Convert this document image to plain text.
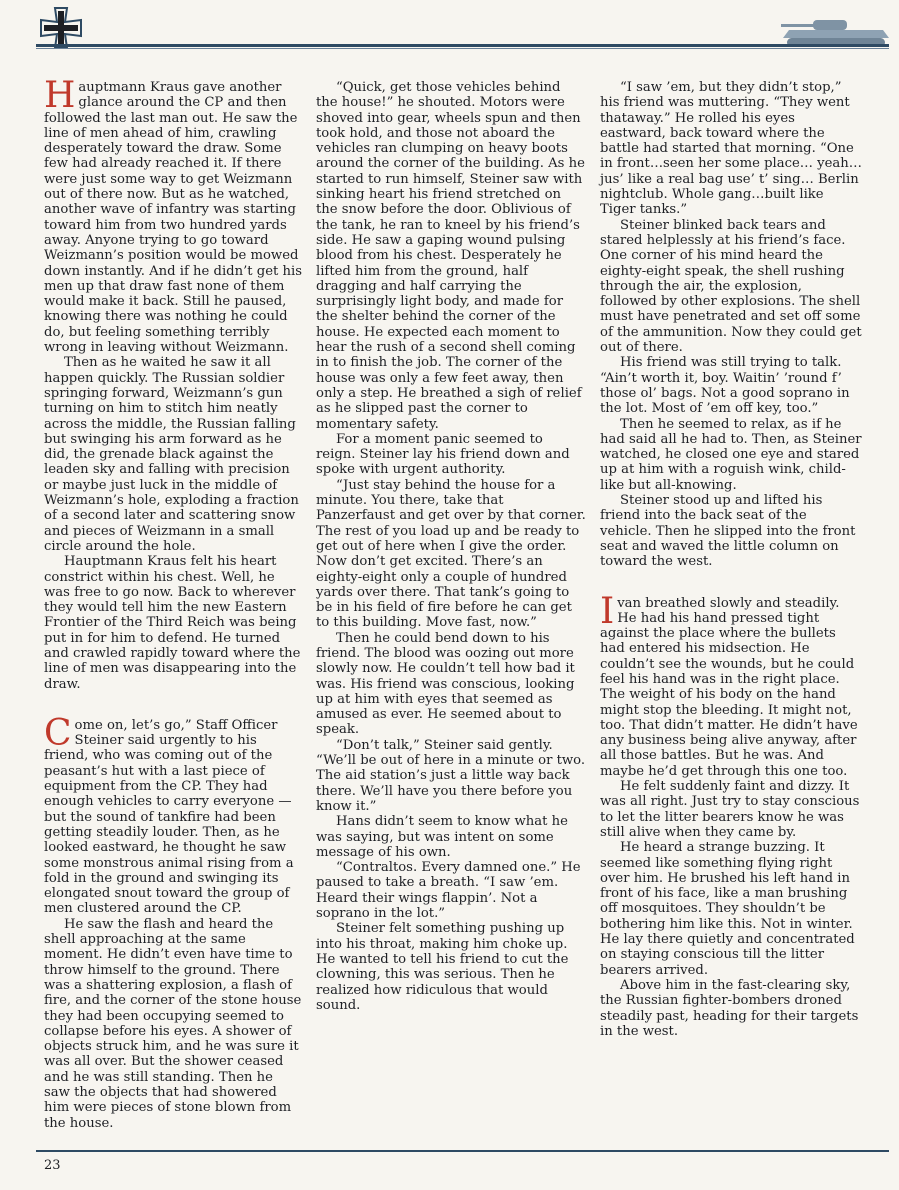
Hauptmann Kraus gave another glance around the CP and then followed the last man out. He saw the line of men ahead of him, crawling desperately toward the draw. Some few had already reached it. If there were just some way to get Weizmann out of there now. But as he watched, another wave of infantry was starting toward him from two hundred yards away. Anyone trying to go toward Weizmann’s position would be mowed down instantly. And if he didn’t get his men up that draw fast none of them would make it back. Still he paused, knowing there was nothing he could do, but feeling something terribly wrong in leaving without Weizmann.

Then as he waited he saw it all happen quickly. The Russian soldier springing forward, Weizmann’s gun turning on him to stitch him neatly across the middle, the Russian falling but swinging his arm forward as he did, the grenade black against the leaden sky and falling with precision or maybe just luck in the middle of Weizmann’s hole, exploding a fraction of a second later and scattering snow and pieces of Weizmann in a small circle around the hole.

Hauptmann Kraus felt his heart constrict within his chest. Well, he was free to go now. Back to wherever they would tell him the new Eastern Frontier of the Third Reich was being put in for him to defend. He turned and crawled rapidly toward where the line of men was disappearing into the draw.

Come on, let’s go,” Staff Officer Steiner said urgently to his friend, who was coming out of the peasant’s hut with a last piece of equipment from the CP. They had enough vehicles to carry everyone — but the sound of tankfire had been getting steadily louder. Then, as he looked eastward, he thought he saw some monstrous animal rising from a fold in the ground and swinging its elongated snout toward the group of men clustered around the CP.

He saw the flash and heard the shell approaching at the same moment. He didn’t even have time to throw himself to the ground. There was a shattering explosion, a flash of fire, and the corner of the stone house they had been occupying seemed to collapse before his eyes. A shower of objects struck him, and he was sure it was all over. But the shower ceased and he was still standing. Then he saw the objects that had showered him were pieces of stone blown from the house.

“Quick, get those vehicles behind the house!” he shouted. Motors were shoved into gear, wheels spun and then took hold, and those not aboard the vehicles ran clumping on heavy boots around the corner of the building. As he started to run himself, Steiner saw with sinking heart his friend stretched on the snow before the door. Oblivious of the tank, he ran to kneel by his friend’s side. He saw a gaping wound pulsing blood from his chest. Desperately he lifted him from the ground, half dragging and half carrying the surprisingly light body, and made for the shelter behind the corner of the house. He expected each moment to hear the rush of a second shell coming in to finish the job. The corner of the house was only a few feet away, then only a step. He breathed a sigh of relief as he slipped past the corner to momentary safety.

For a moment panic seemed to reign. Steiner lay his friend down and spoke with urgent authority.

“Just stay behind the house for a minute. You there, take that Panzerfaust and get over by that corner. The rest of you load up and be ready to get out of here when I give the order. Now don’t get excited. There’s an eighty-eight only a couple of hundred yards over there. That tank’s going to be in his field of fire before he can get to this building. Move fast, now.”

Then he could bend down to his friend. The blood was oozing out more slowly now. He couldn’t tell how bad it was. His friend was conscious, looking up at him with eyes that seemed as amused as ever. He seemed about to speak.

“Don’t talk,” Steiner said gently. “We’ll be out of here in a minute or two. The aid station’s just a little way back there. We’ll have you there before you know it.”

Hans didn’t seem to know what he was saying, but was intent on some message of his own.

“Contraltos. Every damned one.” He paused to take a breath. “I saw ’em. Heard their wings flappin’. Not a soprano in the lot.”

Steiner felt something pushing up into his throat, making him choke up. He wanted to tell his friend to cut the clowning, this was serious. Then he realized how ridiculous that would sound.

“I saw ’em, but they didn’t stop,” his friend was muttering. “They went thataway.” He rolled his eyes eastward, back toward where the battle had started that morning. “One in front…seen her some place… yeah…jus’ like a real bag use’ t’ sing… Berlin nightclub. Whole gang…built like Tiger tanks.”

Steiner blinked back tears and stared helplessly at his friend’s face. One corner of his mind heard the eighty-eight speak, the shell rushing through the air, the explosion, followed by other explosions. The shell must have penetrated and set off some of the ammunition. Now they could get out of there.

His friend was still trying to talk. “Ain’t worth it, boy. Waitin’ ’round f’ those ol’ bags. Not a good soprano in the lot. Most of ’em off key, too.”

Then he seemed to relax, as if he had said all he had to. Then, as Steiner watched, he closed one eye and stared up at him with a roguish wink, child-like but all-knowing.

Steiner stood up and lifted his friend into the back seat of the vehicle. Then he slipped into the front seat and waved the little column on toward the west.

Ivan breathed slowly and steadily. He had his hand pressed tight against the place where the bullets had entered his midsection. He couldn’t see the wounds, but he could feel his hand was in the right place. The weight of his body on the hand might stop the bleeding. It might not, too. That didn’t matter. He didn’t have any business being alive anyway, after all those battles. But he was. And maybe he’d get through this one too.

He felt suddenly faint and dizzy. It was all right. Just try to stay conscious to let the litter bearers know he was still alive when they came by.

He heard a strange buzzing. It seemed like something flying right over him. He brushed his left hand in front of his face, like a man brushing off mosquitoes. They shouldn’t be bothering him like this. Not in winter. He lay there quietly and concentrated on staying conscious till the litter bearers arrived.

Above him in the fast-clearing sky, the Russian fighter-bombers droned steadily past, heading for their targets in the west.

23
